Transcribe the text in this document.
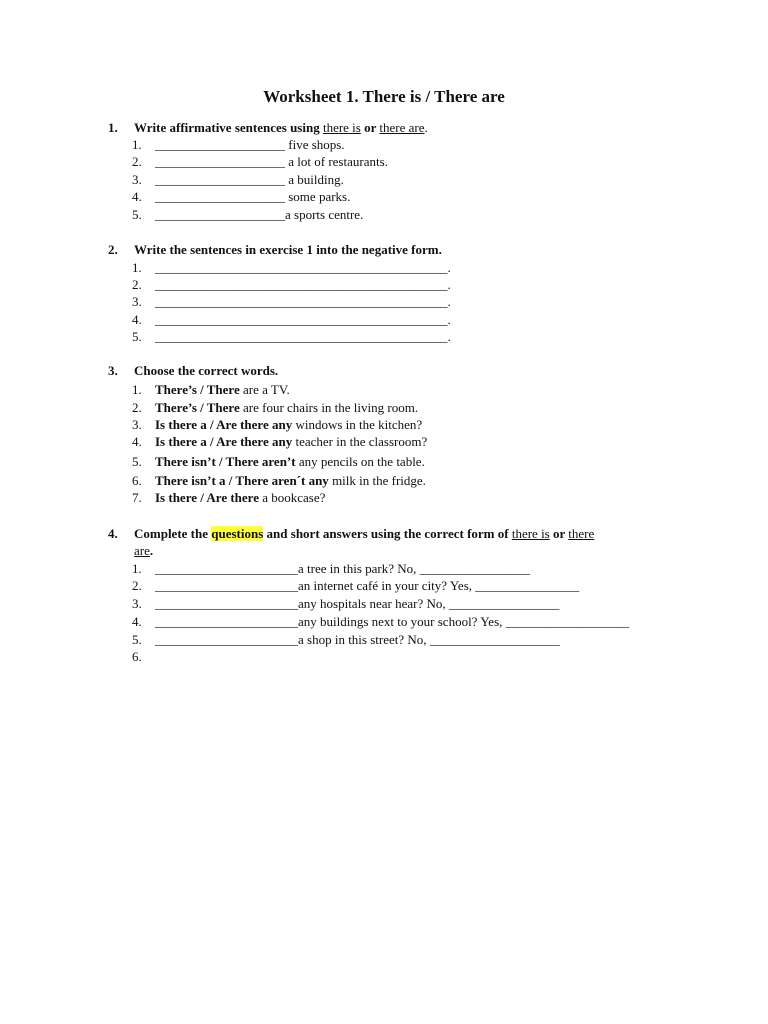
Worksheet 1. There is / There are
1. Write affirmative sentences using there is or there are.
1. ____________________ five shops.
2. ____________________ a lot of restaurants.
3. ____________________ a building.
4. ____________________ some parks.
5. ____________________a sports centre.
2. Write the sentences in exercise 1 into the negative form.
1. _____________________________________________.
2. _____________________________________________.
3. _____________________________________________.
4. _____________________________________________.
5. _____________________________________________.
3. Choose the correct words.
1. There’s / There are a TV.
2. There’s / There are four chairs in the living room.
3. Is there a / Are there any windows in the kitchen?
4. Is there a / Are there any teacher in the classroom?
5. There isn’t / There aren’t any pencils on the table.
6. There isn’t a / There aren´t any milk in the fridge.
7. Is there / Are there a bookcase?
4. Complete the questions and short answers using the correct form of there is or there
are.
1. ______________________a tree in this park? No, _________________
2. ______________________an internet café in your city? Yes, ________________
3. ______________________any hospitals near hear? No, _________________
4. ______________________any buildings next to your school? Yes, ___________________
5. ______________________a shop in this street? No, ____________________
6.
